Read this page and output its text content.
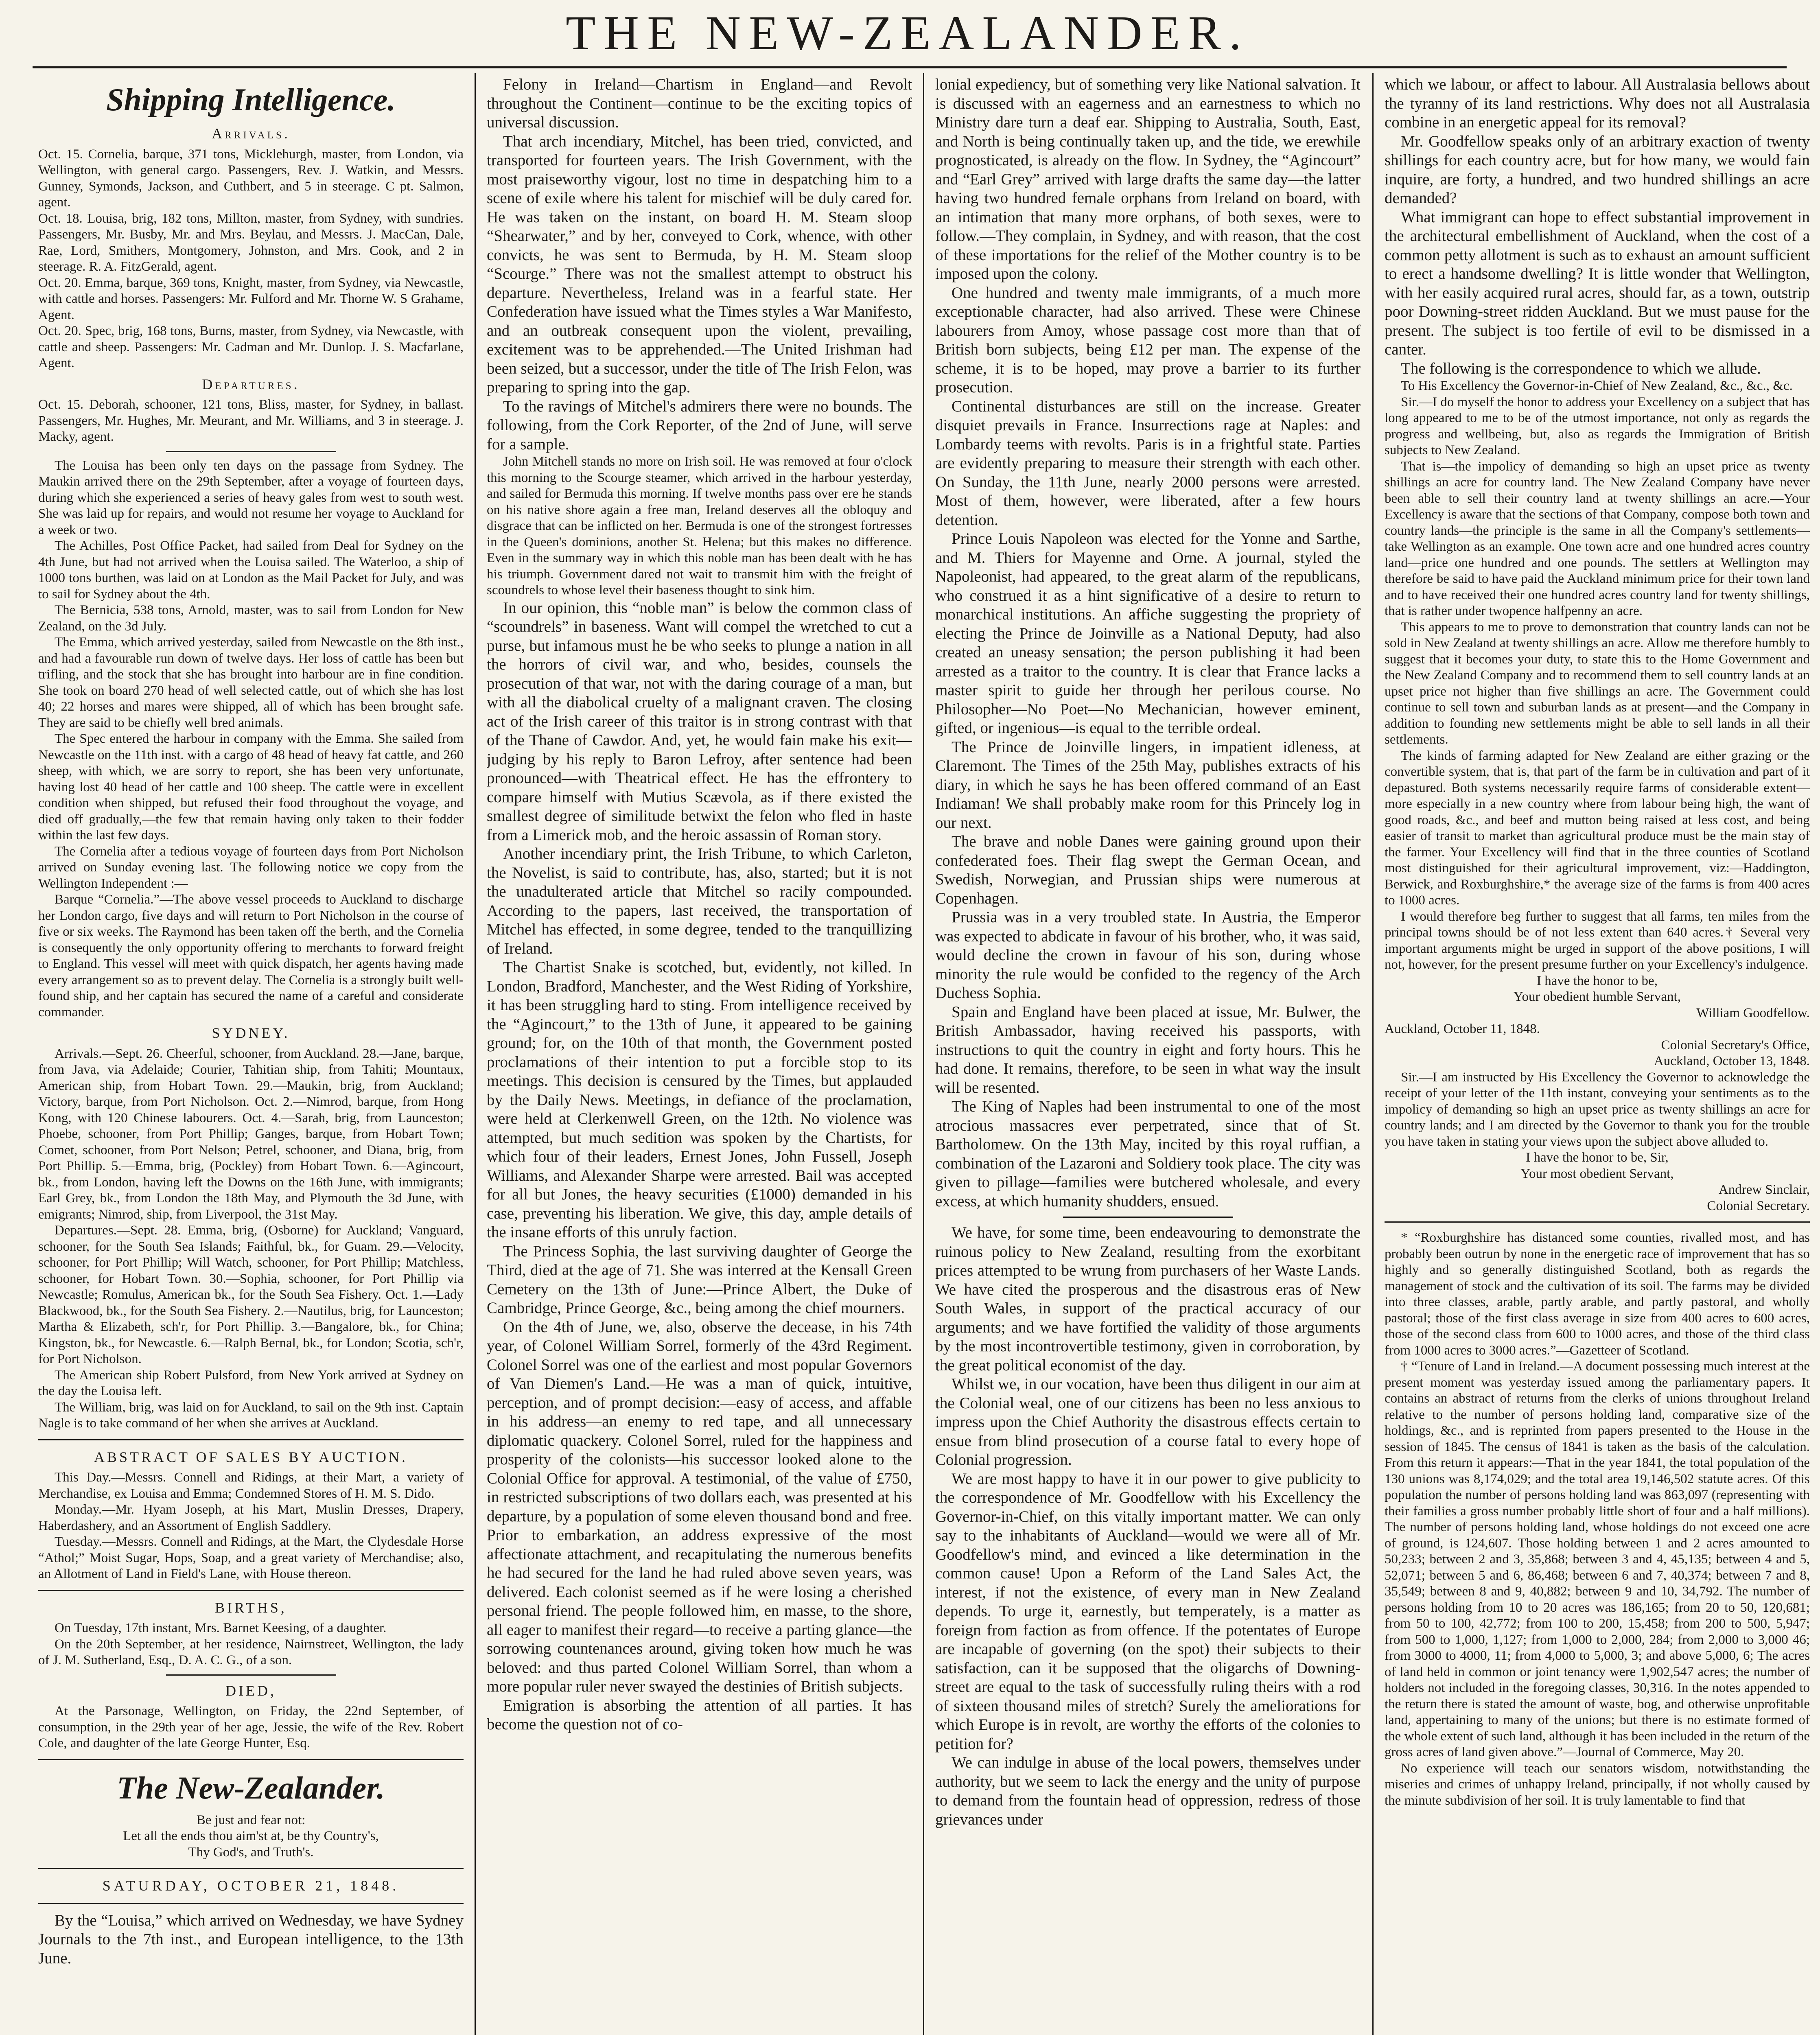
THE NEW-ZEALANDER.
Shipping Intelligence.
Arrivals.

Oct. 15. Cornelia, barque, 371 tons, Micklehurgh, master, from London, via Wellington, with general cargo. Passengers, Rev. J. Watkin, and Messrs. Gunney, Symonds, Jackson, and Cuthbert, and 5 in steerage. C pt. Salmon, agent.

Oct. 18. Louisa, brig, 182 tons, Millton, master, from Sydney, with sundries. Passengers, Mr. Busby, Mr. and Mrs. Beylau, and Messrs. J. MacCan, Dale, Rae, Lord, Smithers, Montgomery, Johnston, and Mrs. Cook, and 2 in steerage. R. A. FitzGerald, agent.

Oct. 20. Emma, barque, 369 tons, Knight, master, from Sydney, via Newcastle, with cattle and horses. Passengers: Mr. Fulford and Mr. Thorne W. S Grahame, Agent.

Oct. 20. Spec, brig, 168 tons, Burns, master, from Sydney, via Newcastle, with cattle and sheep. Passengers: Mr. Cadman and Mr. Dunlop. J. S. Macfarlane, Agent.

Departures.

Oct. 15. Deborah, schooner, 121 tons, Bliss, master, for Sydney, in ballast. Passengers, Mr. Hughes, Mr. Meurant, and Mr. Williams, and 3 in steerage. J. Macky, agent.

The Louisa has been only ten days on the passage from Sydney. The Maukin arrived there on the 29th September, after a voyage of fourteen days, during which she experienced a series of heavy gales from west to south west. She was laid up for repairs, and would not resume her voyage to Auckland for a week or two.

The Achilles, Post Office Packet, had sailed from Deal for Sydney on the 4th June, but had not arrived when the Louisa sailed. The Waterloo, a ship of 1000 tons burthen, was laid on at London as the Mail Packet for July, and was to sail for Sydney about the 4th.

The Bernicia, 538 tons, Arnold, master, was to sail from London for New Zealand, on the 3d July.

The Emma, which arrived yesterday, sailed from Newcastle on the 8th inst., and had a favourable run down of twelve days. Her loss of cattle has been but trifling, and the stock that she has brought into harbour are in fine condition. She took on board 270 head of well selected cattle, out of which she has lost 40; 22 horses and mares were shipped, all of which has been brought safe. They are said to be chiefly well bred animals.

The Spec entered the harbour in company with the Emma. She sailed from Newcastle on the 11th inst. with a cargo of 48 head of heavy fat cattle, and 260 sheep, with which, we are sorry to report, she has been very unfortunate, having lost 40 head of her cattle and 100 sheep. The cattle were in excellent condition when shipped, but refused their food throughout the voyage, and died off gradually,—the few that remain having only taken to their fodder within the last few days.

The Cornelia after a tedious voyage of fourteen days from Port Nicholson arrived on Sunday evening last. The following notice we copy from the Wellington Independent :—

Barque “Cornelia.”—The above vessel proceeds to Auckland to discharge her London cargo, five days and will return to Port Nicholson in the course of five or six weeks. The Raymond has been taken off the berth, and the Cornelia is consequently the only opportunity offering to merchants to forward freight to England. This vessel will meet with quick dispatch, her agents having made every arrangement so as to prevent delay. The Cornelia is a strongly built well-found ship, and her captain has secured the name of a careful and considerate commander.

SYDNEY.

Arrivals.—Sept. 26. Cheerful, schooner, from Auckland. 28.—Jane, barque, from Java, via Adelaide; Courier, Tahitian ship, from Tahiti; Mountaux, American ship, from Hobart Town. 29.—Maukin, brig, from Auckland; Victory, barque, from Port Nicholson. Oct. 2.—Nimrod, barque, from Hong Kong, with 120 Chinese labourers. Oct. 4.—Sarah, brig, from Launceston; Phoebe, schooner, from Port Phillip; Ganges, barque, from Hobart Town; Comet, schooner, from Port Nelson; Petrel, schooner, and Diana, brig, from Port Phillip. 5.—Emma, brig, (Pockley) from Hobart Town. 6.—Agincourt, bk., from London, having left the Downs on the 16th June, with immigrants; Earl Grey, bk., from London the 18th May, and Plymouth the 3d June, with emigrants; Nimrod, ship, from Liverpool, the 31st May.

Departures.—Sept. 28. Emma, brig, (Osborne) for Auckland; Vanguard, schooner, for the South Sea Islands; Faithful, bk., for Guam. 29.—Velocity, schooner, for Port Phillip; Will Watch, schooner, for Port Phillip; Matchless, schooner, for Hobart Town. 30.—Sophia, schooner, for Port Phillip via Newcastle; Romulus, American bk., for the South Sea Fishery. Oct. 1.—Lady Blackwood, bk., for the South Sea Fishery. 2.—Nautilus, brig, for Launceston; Martha & Elizabeth, sch'r, for Port Phillip. 3.—Bangalore, bk., for China; Kingston, bk., for Newcastle. 6.—Ralph Bernal, bk., for London; Scotia, sch'r, for Port Nicholson.

The American ship Robert Pulsford, from New York arrived at Sydney on the day the Louisa left.

The William, brig, was laid on for Auckland, to sail on the 9th inst. Captain Nagle is to take command of her when she arrives at Auckland.

ABSTRACT OF SALES BY AUCTION.

This Day.—Messrs. Connell and Ridings, at their Mart, a variety of Merchandise, ex Louisa and Emma; Condemned Stores of H. M. S. Dido.

Monday.—Mr. Hyam Joseph, at his Mart, Muslin Dresses, Drapery, Haberdashery, and an Assortment of English Saddlery.

Tuesday.—Messrs. Connell and Ridings, at the Mart, the Clydesdale Horse “Athol;” Moist Sugar, Hops, Soap, and a great variety of Merchandise; also, an Allotment of Land in Field's Lane, with House thereon.

BIRTHS,

On Tuesday, 17th instant, Mrs. Barnet Keesing, of a daughter.

On the 20th September, at her residence, Nairnstreet, Wellington, the lady of J. M. Sutherland, Esq., D. A. C. G., of a son.

DIED,

At the Parsonage, Wellington, on Friday, the 22nd September, of consumption, in the 29th year of her age, Jessie, the wife of the Rev. Robert Cole, and daughter of the late George Hunter, Esq.

The New-Zealander.

Be just and fear not:

Let all the ends thou aim'st at, be thy Country's,

Thy God's, and Truth's.

SATURDAY, OCTOBER 21, 1848.

By the “Louisa,” which arrived on Wednesday, we have Sydney Journals to the 7th inst., and European intelligence, to the 13th June.

Felony in Ireland—Chartism in England—and Revolt throughout the Continent—continue to be the exciting topics of universal discussion.

That arch incendiary, Mitchel, has been tried, convicted, and transported for fourteen years. The Irish Government, with the most praiseworthy vigour, lost no time in despatching him to a scene of exile where his talent for mischief will be duly cared for. He was taken on the instant, on board H. M. Steam sloop “Shearwater,” and by her, conveyed to Cork, whence, with other convicts, he was sent to Bermuda, by H. M. Steam sloop “Scourge.” There was not the smallest attempt to obstruct his departure. Nevertheless, Ireland was in a fearful state. Her Confederation have issued what the Times styles a War Manifesto, and an outbreak consequent upon the violent, prevailing, excitement was to be apprehended.—The United Irishman had been seized, but a successor, under the title of The Irish Felon, was preparing to spring into the gap.

To the ravings of Mitchel's admirers there were no bounds. The following, from the Cork Reporter, of the 2nd of June, will serve for a sample.

John Mitchell stands no more on Irish soil. He was removed at four o'clock this morning to the Scourge steamer, which arrived in the harbour yesterday, and sailed for Bermuda this morning. If twelve months pass over ere he stands on his native shore again a free man, Ireland deserves all the obloquy and disgrace that can be inflicted on her. Bermuda is one of the strongest fortresses in the Queen's dominions, another St. Helena; but this makes no difference. Even in the summary way in which this noble man has been dealt with he has his triumph. Government dared not wait to transmit him with the freight of scoundrels to whose level their baseness thought to sink him.

In our opinion, this “noble man” is below the common class of “scoundrels” in baseness. Want will compel the wretched to cut a purse, but infamous must he be who seeks to plunge a nation in all the horrors of civil war, and who, besides, counsels the prosecution of that war, not with the daring courage of a man, but with all the diabolical cruelty of a malignant craven. The closing act of the Irish career of this traitor is in strong contrast with that of the Thane of Cawdor. And, yet, he would fain make his exit—judging by his reply to Baron Lefroy, after sentence had been pronounced—with Theatrical effect. He has the effrontery to compare himself with Mutius Scævola, as if there existed the smallest degree of similitude betwixt the felon who fled in haste from a Limerick mob, and the heroic assassin of Roman story.

Another incendiary print, the Irish Tribune, to which Carleton, the Novelist, is said to contribute, has, also, started; but it is not the unadulterated article that Mitchel so racily compounded. According to the papers, last received, the transportation of Mitchel has effected, in some degree, tended to the tranquillizing of Ireland.

The Chartist Snake is scotched, but, evidently, not killed. In London, Bradford, Manchester, and the West Riding of Yorkshire, it has been struggling hard to sting. From intelligence received by the “Agincourt,” to the 13th of June, it appeared to be gaining ground; for, on the 10th of that month, the Government posted proclamations of their intention to put a forcible stop to its meetings. This decision is censured by the Times, but applauded by the Daily News. Meetings, in defiance of the proclamation, were held at Clerkenwell Green, on the 12th. No violence was attempted, but much sedition was spoken by the Chartists, for which four of their leaders, Ernest Jones, John Fussell, Joseph Williams, and Alexander Sharpe were arrested. Bail was accepted for all but Jones, the heavy securities (£1000) demanded in his case, preventing his liberation. We give, this day, ample details of the insane efforts of this unruly faction.

The Princess Sophia, the last surviving daughter of George the Third, died at the age of 71. She was interred at the Kensall Green Cemetery on the 13th of June:—Prince Albert, the Duke of Cambridge, Prince George, &c., being among the chief mourners.

On the 4th of June, we, also, observe the decease, in his 74th year, of Colonel William Sorrel, formerly of the 43rd Regiment. Colonel Sorrel was one of the earliest and most popular Governors of Van Diemen's Land.—He was a man of quick, intuitive, perception, and of prompt decision:—easy of access, and affable in his address—an enemy to red tape, and all unnecessary diplomatic quackery. Colonel Sorrel, ruled for the happiness and prosperity of the colonists—his successor looked alone to the Colonial Office for approval. A testimonial, of the value of £750, in restricted subscriptions of two dollars each, was presented at his departure, by a population of some eleven thousand bond and free. Prior to embarkation, an address expressive of the most affectionate attachment, and recapitulating the numerous benefits he had secured for the land he had ruled above seven years, was delivered. Each colonist seemed as if he were losing a cherished personal friend. The people followed him, en masse, to the shore, all eager to manifest their regard—to receive a parting glance—the sorrowing countenances around, giving token how much he was beloved: and thus parted Colonel William Sorrel, than whom a more popular ruler never swayed the destinies of British subjects.

Emigration is absorbing the attention of all parties. It has become the question not of co-

lonial expediency, but of something very like National salvation. It is discussed with an eagerness and an earnestness to which no Ministry dare turn a deaf ear. Shipping to Australia, South, East, and North is being continually taken up, and the tide, we erewhile prognosticated, is already on the flow. In Sydney, the “Agincourt” and “Earl Grey” arrived with large drafts the same day—the latter having two hundred female orphans from Ireland on board, with an intimation that many more orphans, of both sexes, were to follow.—They complain, in Sydney, and with reason, that the cost of these importations for the relief of the Mother country is to be imposed upon the colony.

One hundred and twenty male immigrants, of a much more exceptionable character, had also arrived. These were Chinese labourers from Amoy, whose passage cost more than that of British born subjects, being £12 per man. The expense of the scheme, it is to be hoped, may prove a barrier to its further prosecution.

Continental disturbances are still on the increase. Greater disquiet prevails in France. Insurrections rage at Naples: and Lombardy teems with revolts. Paris is in a frightful state. Parties are evidently preparing to measure their strength with each other. On Sunday, the 11th June, nearly 2000 persons were arrested. Most of them, however, were liberated, after a few hours detention.

Prince Louis Napoleon was elected for the Yonne and Sarthe, and M. Thiers for Mayenne and Orne. A journal, styled the Napoleonist, had appeared, to the great alarm of the republicans, who construed it as a hint significative of a desire to return to monarchical institutions. An affiche suggesting the propriety of electing the Prince de Joinville as a National Deputy, had also created an uneasy sensation; the person publishing it had been arrested as a traitor to the country. It is clear that France lacks a master spirit to guide her through her perilous course. No Philosopher—No Poet—No Mechanician, however eminent, gifted, or ingenious—is equal to the terrible ordeal.

The Prince de Joinville lingers, in impatient idleness, at Claremont. The Times of the 25th May, publishes extracts of his diary, in which he says he has been offered command of an East Indiaman! We shall probably make room for this Princely log in our next.

The brave and noble Danes were gaining ground upon their confederated foes. Their flag swept the German Ocean, and Swedish, Norwegian, and Prussian ships were numerous at Copenhagen.

Prussia was in a very troubled state. In Austria, the Emperor was expected to abdicate in favour of his brother, who, it was said, would decline the crown in favour of his son, during whose minority the rule would be confided to the regency of the Arch Duchess Sophia.

Spain and England have been placed at issue, Mr. Bulwer, the British Ambassador, having received his passports, with instructions to quit the country in eight and forty hours. This he had done. It remains, therefore, to be seen in what way the insult will be resented.

The King of Naples had been instrumental to one of the most atrocious massacres ever perpetrated, since that of St. Bartholomew. On the 13th May, incited by this royal ruffian, a combination of the Lazaroni and Soldiery took place. The city was given to pillage—families were butchered wholesale, and every excess, at which humanity shudders, ensued.

We have, for some time, been endeavouring to demonstrate the ruinous policy to New Zealand, resulting from the exorbitant prices attempted to be wrung from purchasers of her Waste Lands. We have cited the prosperous and the disastrous eras of New South Wales, in support of the practical accuracy of our arguments; and we have fortified the validity of those arguments by the most incontrovertible testimony, given in corroboration, by the great political economist of the day.

Whilst we, in our vocation, have been thus diligent in our aim at the Colonial weal, one of our citizens has been no less anxious to impress upon the Chief Authority the disastrous effects certain to ensue from blind prosecution of a course fatal to every hope of Colonial progression.

We are most happy to have it in our power to give publicity to the correspondence of Mr. Goodfellow with his Excellency the Governor-in-Chief, on this vitally important matter. We can only say to the inhabitants of Auckland—would we were all of Mr. Goodfellow's mind, and evinced a like determination in the common cause! Upon a Reform of the Land Sales Act, the interest, if not the existence, of every man in New Zealand depends. To urge it, earnestly, but temperately, is a matter as foreign from faction as from offence. If the potentates of Europe are incapable of governing (on the spot) their subjects to their satisfaction, can it be supposed that the oligarchs of Downing-street are equal to the task of successfully ruling theirs with a rod of sixteen thousand miles of stretch? Surely the ameliorations for which Europe is in revolt, are worthy the efforts of the colonies to petition for?

We can indulge in abuse of the local powers, themselves under authority, but we seem to lack the energy and the unity of purpose to demand from the fountain head of oppression, redress of those grievances under

which we labour, or affect to labour. All Australasia bellows about the tyranny of its land restrictions. Why does not all Australasia combine in an energetic appeal for its removal?

Mr. Goodfellow speaks only of an arbitrary exaction of twenty shillings for each country acre, but for how many, we would fain inquire, are forty, a hundred, and two hundred shillings an acre demanded?

What immigrant can hope to effect substantial improvement in the architectural embellishment of Auckland, when the cost of a common petty allotment is such as to exhaust an amount sufficient to erect a handsome dwelling? It is little wonder that Wellington, with her easily acquired rural acres, should far, as a town, outstrip poor Downing-street ridden Auckland. But we must pause for the present. The subject is too fertile of evil to be dismissed in a canter.

The following is the correspondence to which we allude.

To His Excellency the Governor-in-Chief of New Zealand, &c., &c., &c.

Sir.—I do myself the honor to address your Excellency on a subject that has long appeared to me to be of the utmost importance, not only as regards the progress and wellbeing, but, also as regards the Immigration of British subjects to New Zealand.

That is—the impolicy of demanding so high an upset price as twenty shillings an acre for country land. The New Zealand Company have never been able to sell their country land at twenty shillings an acre.—Your Excellency is aware that the sections of that Company, compose both town and country lands—the principle is the same in all the Company's settlements—take Wellington as an example. One town acre and one hundred acres country land—price one hundred and one pounds. The settlers at Wellington may therefore be said to have paid the Auckland minimum price for their town land and to have received their one hundred acres country land for twenty shillings, that is rather under twopence halfpenny an acre.

This appears to me to prove to demonstration that country lands can not be sold in New Zealand at twenty shillings an acre. Allow me therefore humbly to suggest that it becomes your duty, to state this to the Home Government and the New Zealand Company and to recommend them to sell country lands at an upset price not higher than five shillings an acre. The Government could continue to sell town and suburban lands as at present—and the Company in addition to founding new settlements might be able to sell lands in all their settlements.

The kinds of farming adapted for New Zealand are either grazing or the convertible system, that is, that part of the farm be in cultivation and part of it depastured. Both systems necessarily require farms of considerable extent—more especially in a new country where from labour being high, the want of good roads, &c., and beef and mutton being raised at less cost, and being easier of transit to market than agricultural produce must be the main stay of the farmer. Your Excellency will find that in the three counties of Scotland most distinguished for their agricultural improvement, viz:—Haddington, Berwick, and Roxburghshire,* the average size of the farms is from 400 acres to 1000 acres.

I would therefore beg further to suggest that all farms, ten miles from the principal towns should be of not less extent than 640 acres.† Several very important arguments might be urged in support of the above positions, I will not, however, for the present presume further on your Excellency's indulgence.

I have the honor to be,

Your obedient humble Servant,

William Goodfellow.

Auckland, October 11, 1848.

Colonial Secretary's Office,

Auckland, October 13, 1848.

Sir.—I am instructed by His Excellency the Governor to acknowledge the receipt of your letter of the 11th instant, conveying your sentiments as to the impolicy of demanding so high an upset price as twenty shillings an acre for country lands; and I am directed by the Governor to thank you for the trouble you have taken in stating your views upon the subject above alluded to.

I have the honor to be, Sir,

Your most obedient Servant,

Andrew Sinclair,

Colonial Secretary.

* “Roxburghshire has distanced some counties, rivalled most, and has probably been outrun by none in the energetic race of improvement that has so highly and so generally distinguished Scotland, both as regards the management of stock and the cultivation of its soil. The farms may be divided into three classes, arable, partly arable, and partly pastoral, and wholly pastoral; those of the first class average in size from 400 acres to 600 acres, those of the second class from 600 to 1000 acres, and those of the third class from 1000 acres to 3000 acres.”—Gazetteer of Scotland.

† “Tenure of Land in Ireland.—A document possessing much interest at the present moment was yesterday issued among the parliamentary papers. It contains an abstract of returns from the clerks of unions throughout Ireland relative to the number of persons holding land, comparative size of the holdings, &c., and is reprinted from papers presented to the House in the session of 1845. The census of 1841 is taken as the basis of the calculation. From this return it appears:—That in the year 1841, the total population of the 130 unions was 8,174,029; and the total area 19,146,502 statute acres. Of this population the number of persons holding land was 863,097 (representing with their families a gross number probably little short of four and a half millions). The number of persons holding land, whose holdings do not exceed one acre of ground, is 124,607. Those holding between 1 and 2 acres amounted to 50,233; between 2 and 3, 35,868; between 3 and 4, 45,135; between 4 and 5, 52,071; between 5 and 6, 86,468; between 6 and 7, 40,374; between 7 and 8, 35,549; between 8 and 9, 40,882; between 9 and 10, 34,792. The number of persons holding from 10 to 20 acres was 186,165; from 20 to 50, 120,681; from 50 to 100, 42,772; from 100 to 200, 15,458; from 200 to 500, 5,947; from 500 to 1,000, 1,127; from 1,000 to 2,000, 284; from 2,000 to 3,000 46; from 3000 to 4000, 11; from 4,000 to 5,000, 3; and above 5,000, 6; The acres of land held in common or joint tenancy were 1,902,547 acres; the number of holders not included in the foregoing classes, 30,316. In the notes appended to the return there is stated the amount of waste, bog, and otherwise unprofitable land, appertaining to many of the unions; but there is no estimate formed of the whole extent of such land, although it has been included in the return of the gross acres of land given above.”—Journal of Commerce, May 20.

No experience will teach our senators wisdom, notwithstanding the miseries and crimes of unhappy Ireland, principally, if not wholly caused by the minute subdivision of her soil. It is truly lamentable to find that
